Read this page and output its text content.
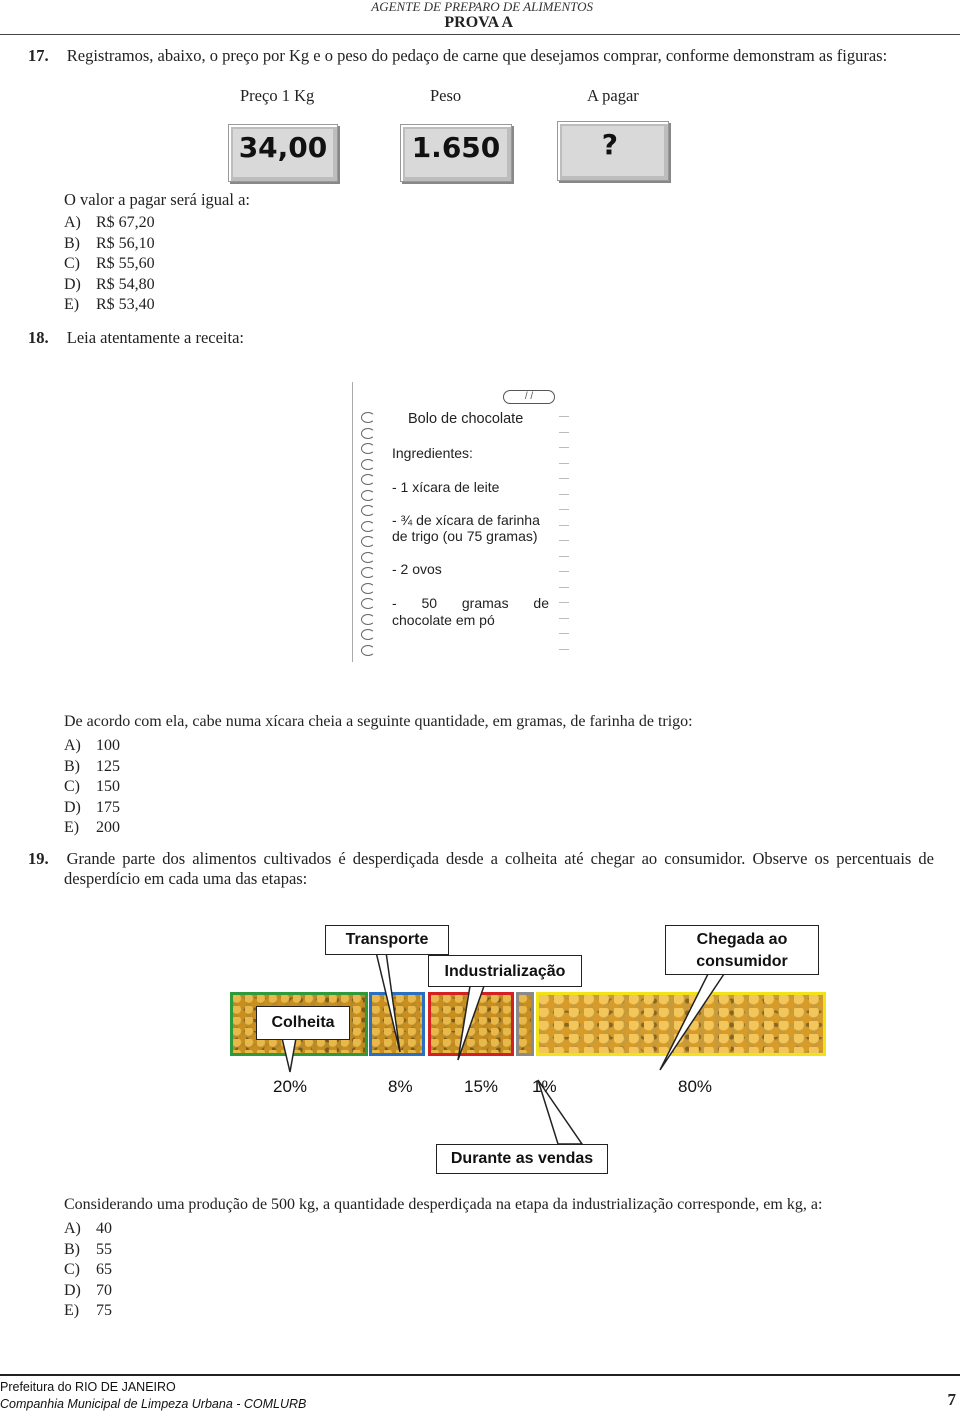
AGENTE DE PREPARO DE ALIMENTOS
PROVA A
17. Registramos, abaixo, o preço por Kg e o peso do pedaço de carne que desejamos comprar, conforme demonstram as figuras:
Preço 1 Kg	Peso	A pagar
34,00	1.650	?
O valor a pagar será igual a:
A) R$ 67,20
B) R$ 56,10
C) R$ 55,60
D) R$ 54,80
E) R$ 53,40
18. Leia atentamente a receita:
/ /
Bolo de chocolate
Ingredientes:
- 1 xícara de leite
- ¾ de xícara de farinha
de trigo (ou 75 gramas)
- 2 ovos
- 50 gramas de
chocolate em pó
De acordo com ela, cabe numa xícara cheia a seguinte quantidade, em gramas, de farinha de trigo:
A) 100
B) 125
C) 150
D) 175
E) 200
19. Grande parte dos alimentos cultivados é desperdiçada desde a colheita até chegar ao consumidor. Observe os percentuais de
desperdício em cada uma das etapas:
Transporte
Industrialização
Chegada ao
consumidor
Colheita
Durante as vendas
20%	8%	15% 1%	80%
Considerando uma produção de 500 kg, a quantidade desperdiçada na etapa da industrialização corresponde, em kg, a:
A) 40
B) 55
C) 65
D) 70
E) 75
Prefeitura do RIO DE JANEIRO
Companhia Municipal de Limpeza Urbana - COMLURB	7
